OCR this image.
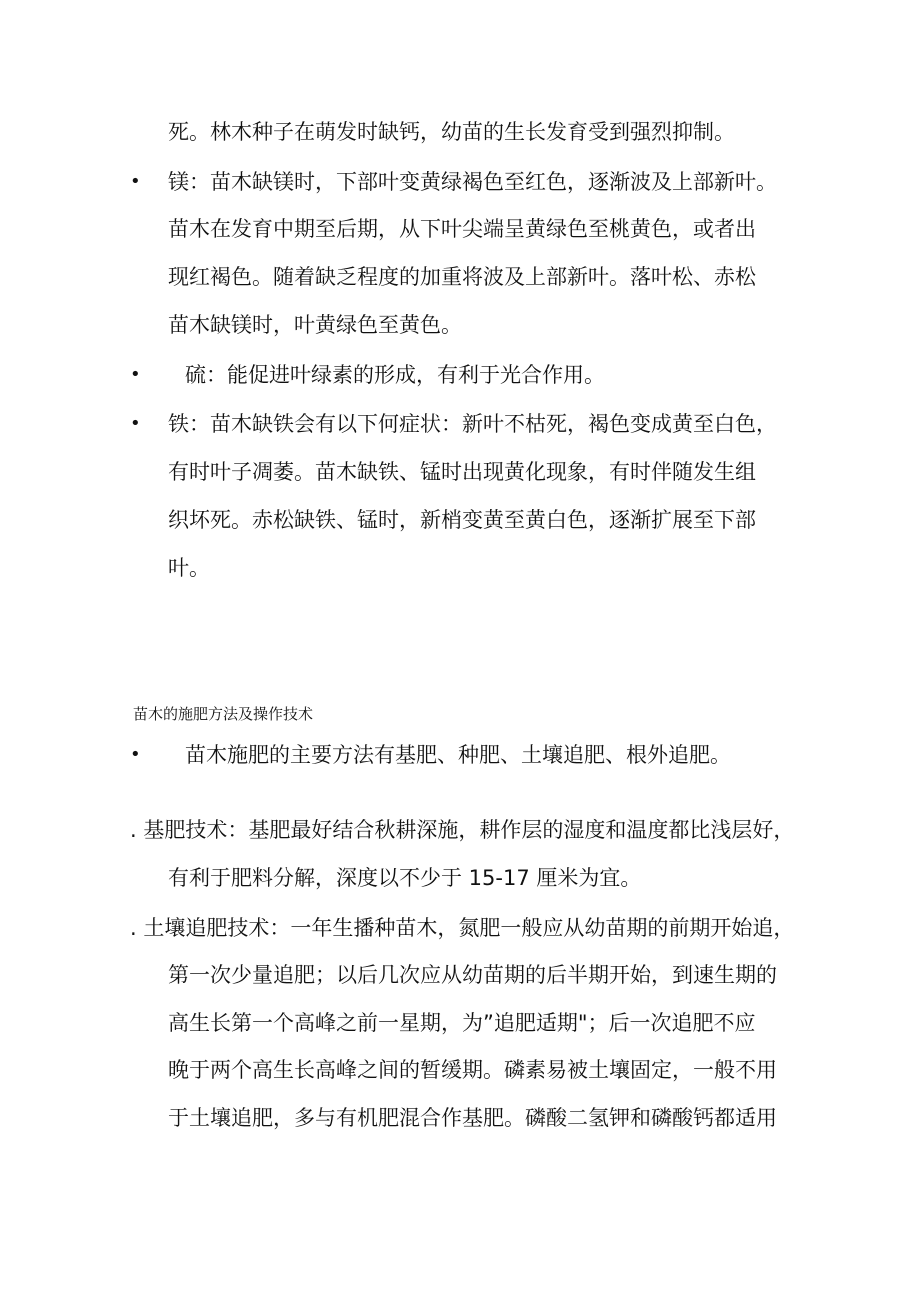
死。林木种子在萌发时缺钙，幼苗的生长发育受到强烈抑制。
• 镁：苗木缺镁时，下部叶变黄绿褐色至红色，逐渐波及上部新叶。
苗木在发育中期至后期，从下叶尖端呈黄绿色至桃黄色，或者出
现红褐色。随着缺乏程度的加重将波及上部新叶。落叶松、赤松
苗木缺镁时，叶黄绿色至黄色。
• 硫：能促进叶绿素的形成，有利于光合作用。
• 铁：苗木缺铁会有以下何症状：新叶不枯死，褐色变成黄至白色，
有时叶子凋萎。苗木缺铁、锰时出现黄化现象，有时伴随发生组
织坏死。赤松缺铁、锰时，新梢变黄至黄白色，逐渐扩展至下部
叶。
苗木的施肥方法及操作技术
• 苗木施肥的主要方法有基肥、种肥、土壤追肥、根外追肥。
. 基肥技术：基肥最好结合秋耕深施，耕作层的湿度和温度都比浅层好，
有利于肥料分解，深度以不少于 15-17 厘米为宜。
. 土壤追肥技术：一年生播种苗木，氮肥一般应从幼苗期的前期开始追，
第一次少量追肥；以后几次应从幼苗期的后半期开始，到速生期的
高生长第一个高峰之前一星期，为”追肥适期"；后一次追肥不应
晚于两个高生长高峰之间的暂缓期。磷素易被土壤固定，一般不用
于土壤追肥，多与有机肥混合作基肥。磷酸二氢钾和磷酸钙都适用
